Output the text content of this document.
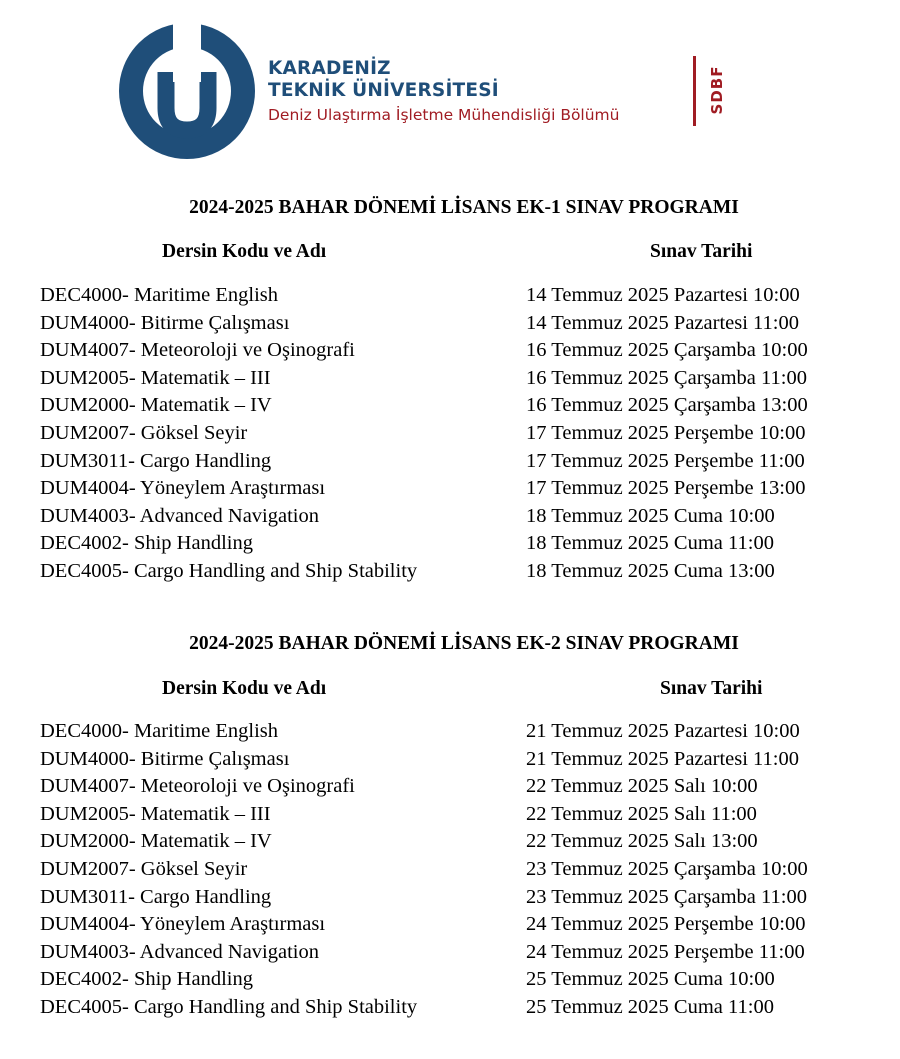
KARADENİZ
TEKNİK ÜNİVERSİTESİ
Deniz Ulaştırma İşletme Mühendisliği Bölümü
SDBF
2024-2025 BAHAR DÖNEMİ LİSANS EK-1 SINAV PROGRAMI
Dersin Kodu ve Adı	Sınav Tarihi
DEC4000- Maritime English	14 Temmuz 2025 Pazartesi 10:00
DUM4000- Bitirme Çalışması	14 Temmuz 2025 Pazartesi 11:00
DUM4007- Meteoroloji ve Oşinografi	16 Temmuz 2025 Çarşamba 10:00
DUM2005- Matematik – III	16 Temmuz 2025 Çarşamba 11:00
DUM2000- Matematik – IV	16 Temmuz 2025 Çarşamba 13:00
DUM2007- Göksel Seyir	17 Temmuz 2025 Perşembe 10:00
DUM3011- Cargo Handling	17 Temmuz 2025 Perşembe 11:00
DUM4004- Yöneylem Araştırması	17 Temmuz 2025 Perşembe 13:00
DUM4003- Advanced Navigation	18 Temmuz 2025 Cuma 10:00
DEC4002- Ship Handling	18 Temmuz 2025 Cuma 11:00
DEC4005- Cargo Handling and Ship Stability	18 Temmuz 2025 Cuma 13:00
2024-2025 BAHAR DÖNEMİ LİSANS EK-2 SINAV PROGRAMI
Dersin Kodu ve Adı	Sınav Tarihi
DEC4000- Maritime English	21 Temmuz 2025 Pazartesi 10:00
DUM4000- Bitirme Çalışması	21 Temmuz 2025 Pazartesi 11:00
DUM4007- Meteoroloji ve Oşinografi	22 Temmuz 2025 Salı 10:00
DUM2005- Matematik – III	22 Temmuz 2025 Salı 11:00
DUM2000- Matematik – IV	22 Temmuz 2025 Salı 13:00
DUM2007- Göksel Seyir	23 Temmuz 2025 Çarşamba 10:00
DUM3011- Cargo Handling	23 Temmuz 2025 Çarşamba 11:00
DUM4004- Yöneylem Araştırması	24 Temmuz 2025 Perşembe 10:00
DUM4003- Advanced Navigation	24 Temmuz 2025 Perşembe 11:00
DEC4002- Ship Handling	25 Temmuz 2025 Cuma 10:00
DEC4005- Cargo Handling and Ship Stability	25 Temmuz 2025 Cuma 11:00
